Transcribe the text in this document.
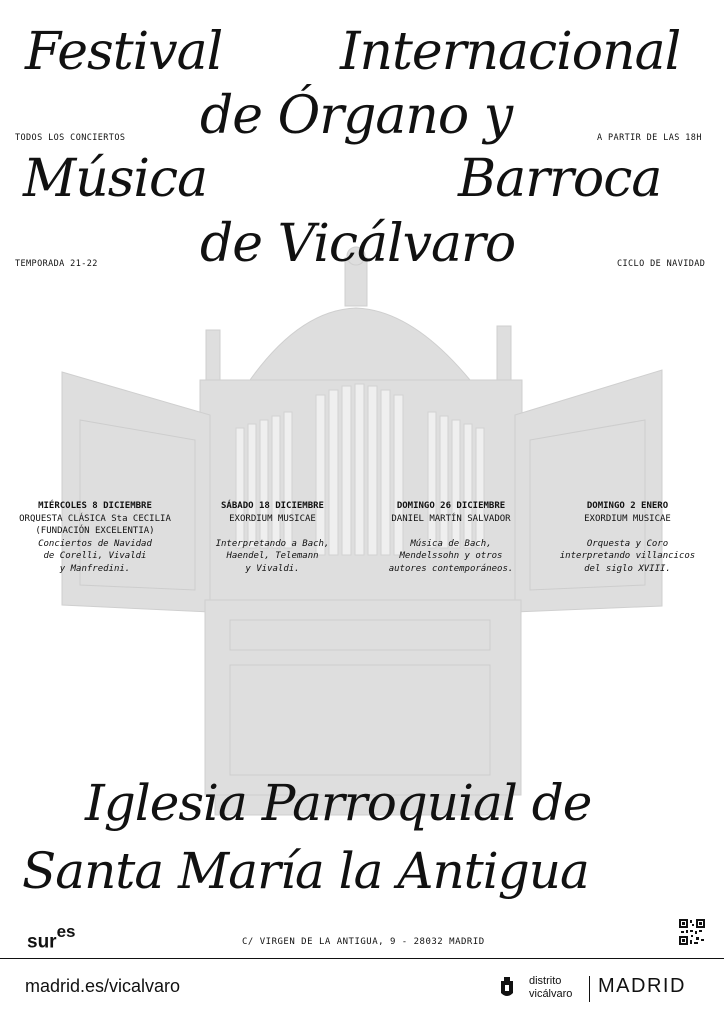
Festival Internacional
de Órgano y
Música	Barroca
de Vicálvaro
TODOS LOS CONCIERTOS	A PARTIR DE LAS 18H
TEMPORADA 21-22	CICLO DE NAVIDAD
MIÉRCOLES 8 DICIEMBRE
ORQUESTA CLÁSICA Sta CECILIA
(FUNDACIÓN EXCELENTIA)
Conciertos de Navidad
de Corelli, Vivaldi
y Manfredini.
SÁBADO 18 DICIEMBRE
EXORDIUM MUSICAE
Interpretando a Bach,
Haendel, Telemann
y Vivaldi.
DOMINGO 26 DICIEMBRE
DANIEL MARTÍN SALVADOR
Música de Bach,
Mendelssohn y otros
autores contemporáneos.
DOMINGO 2 ENERO
EXORDIUM MUSICAE
Orquesta y Coro
interpretando villancicos
del siglo XVIII.
Iglesia Parroquial de
Santa María la Antigua
sur$^{es}$
C/ VIRGEN DE LA ANTIGUA, 9 - 28032 MADRID
madrid.es/vicalvaro	distrito
vicálvaro MADRID
